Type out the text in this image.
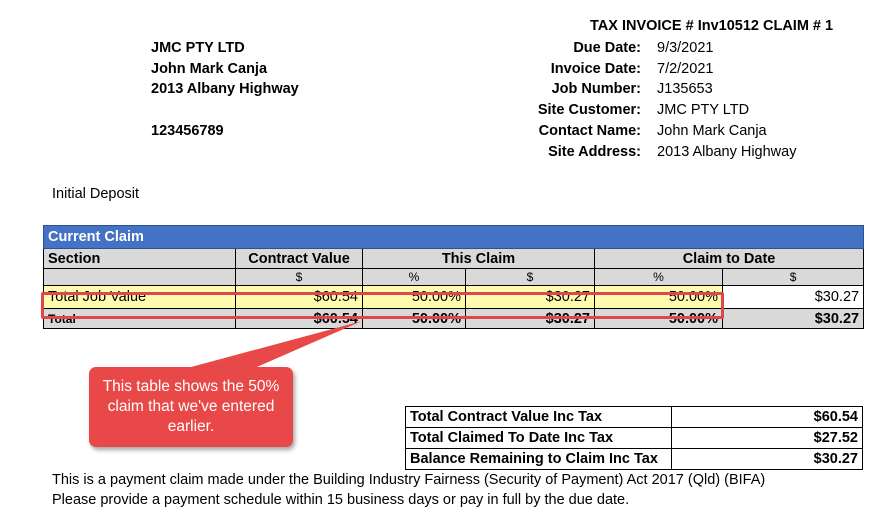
TAX INVOICE # Inv10512 CLAIM # 1
JMC PTY LTD
John Mark Canja
2013 Albany Highway
123456789
Due Date: 9/3/2021
Invoice Date: 7/2/2021
Job Number: J135653
Site Customer: JMC PTY LTD
Contact Name: John Mark Canja
Site Address: 2013 Albany Highway
Initial Deposit
Current Claim					
Section	Contract Value	This Claim		Claim to Date	
	$	%	$	%	$
Total Job Value	$60.54	50.00%	$30.27	50.00%	$30.27
Total	$60.54	50.00%	$30.27	50.00%	$30.27
This table shows the 50% claim that we've entered earlier.
Total Contract Value Inc Tax	$60.54
Total Claimed To Date Inc Tax	$27.52
Balance Remaining to Claim Inc Tax	$30.27
This is a payment claim made under the Building Industry Fairness (Security of Payment) Act 2017 (Qld) (BIFA)
Please provide a payment schedule within 15 business days or pay in full by the due date.
